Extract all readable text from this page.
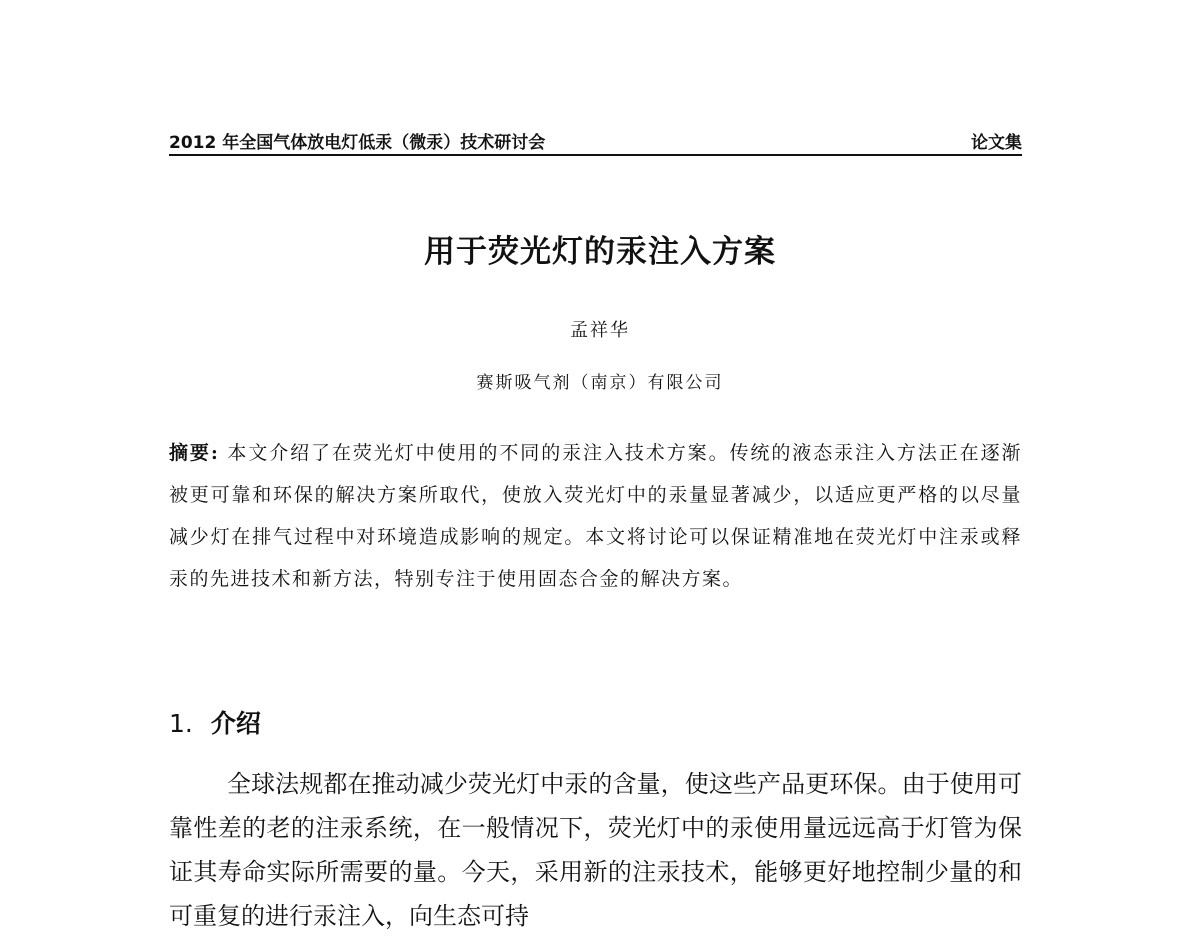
2012 年全国气体放电灯低汞（微汞）技术研讨会	论文集
用于荧光灯的汞注入方案
孟祥华
赛斯吸气剂（南京）有限公司
摘要: 本文介绍了在荧光灯中使用的不同的汞注入技术方案。传统的液态汞注入方法正在逐渐被更可靠和环保的解决方案所取代，使放入荧光灯中的汞量显著减少，以适应更严格的以尽量减少灯在排气过程中对环境造成影响的规定。本文将讨论可以保证精准地在荧光灯中注汞或释汞的先进技术和新方法，特别专注于使用固态合金的解决方案。
1. 介绍
全球法规都在推动减少荧光灯中汞的含量，使这些产品更环保。由于使用可靠性差的老的注汞系统，在一般情况下，荧光灯中的汞使用量远远高于灯管为保证其寿命实际所需要的量。今天，采用新的注汞技术，能够更好地控制少量的和可重复的进行汞注入，向生态可持
